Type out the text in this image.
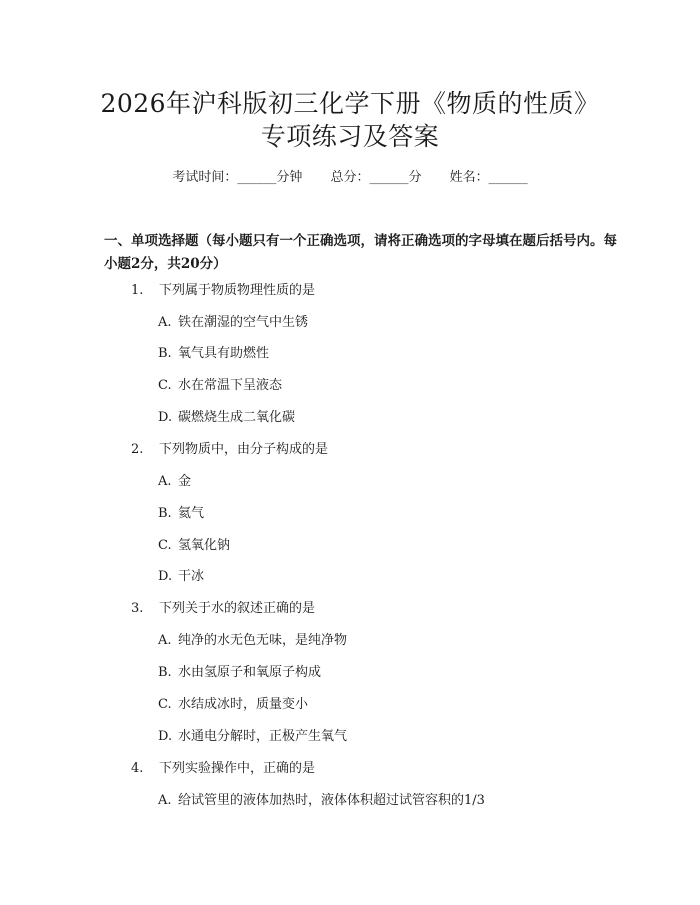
2026年沪科版初三化学下册《物质的性质》
专项练习及答案
考试时间：______分钟 总分：______分 姓名：______
一、单项选择题（每小题只有一个正确选项，请将正确选项的字母填在题后括号内。每小题2分，共20分）
1. 下列属于物质物理性质的是
A. 铁在潮湿的空气中生锈
B. 氧气具有助燃性
C. 水在常温下呈液态
D. 碳燃烧生成二氧化碳
2. 下列物质中，由分子构成的是
A. 金
B. 氦气
C. 氢氧化钠
D. 干冰
3. 下列关于水的叙述正确的是
A. 纯净的水无色无味，是纯净物
B. 水由氢原子和氧原子构成
C. 水结成冰时，质量变小
D. 水通电分解时，正极产生氧气
4. 下列实验操作中，正确的是
A. 给试管里的液体加热时，液体体积超过试管容积的1/3
